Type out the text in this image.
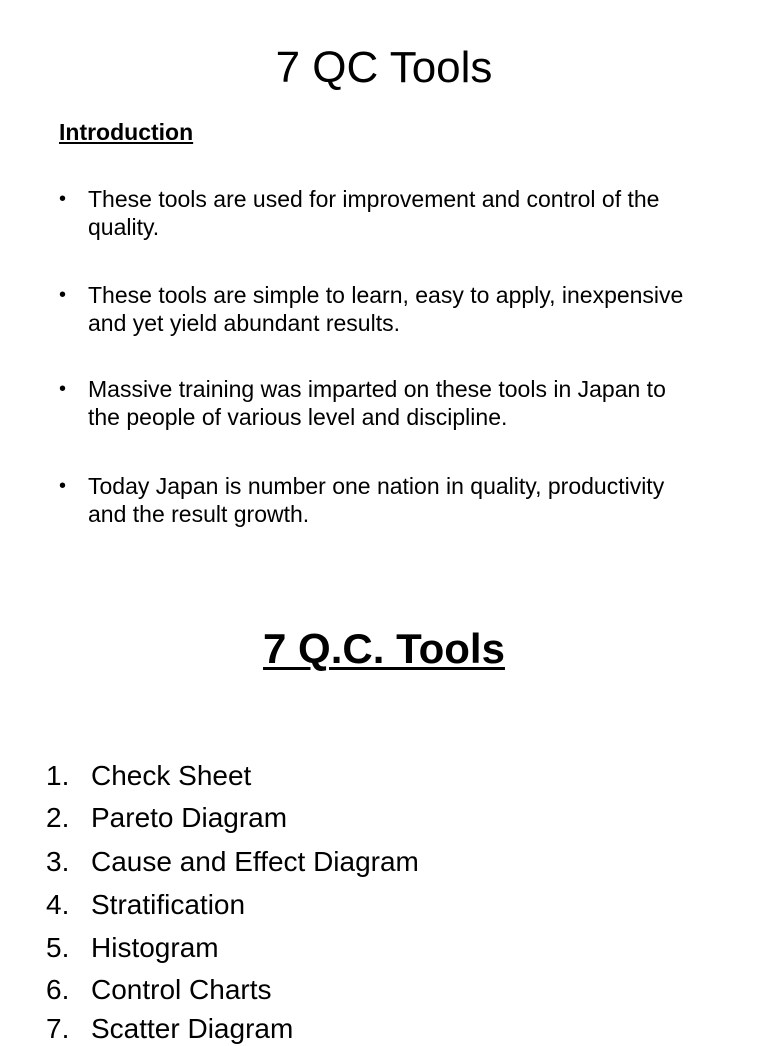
7 QC Tools
Introduction
• These tools are used for improvement and control of the quality.
• These tools are simple to learn, easy to apply, inexpensive and yet yield abundant results.
• Massive training was imparted on these tools in Japan to the people of various level and discipline.
• Today Japan is number one nation in quality, productivity and the result growth.
7 Q.C. Tools
1. Check Sheet
2. Pareto Diagram
3. Cause and Effect Diagram
4. Stratification
5. Histogram
6. Control Charts
7. Scatter Diagram
